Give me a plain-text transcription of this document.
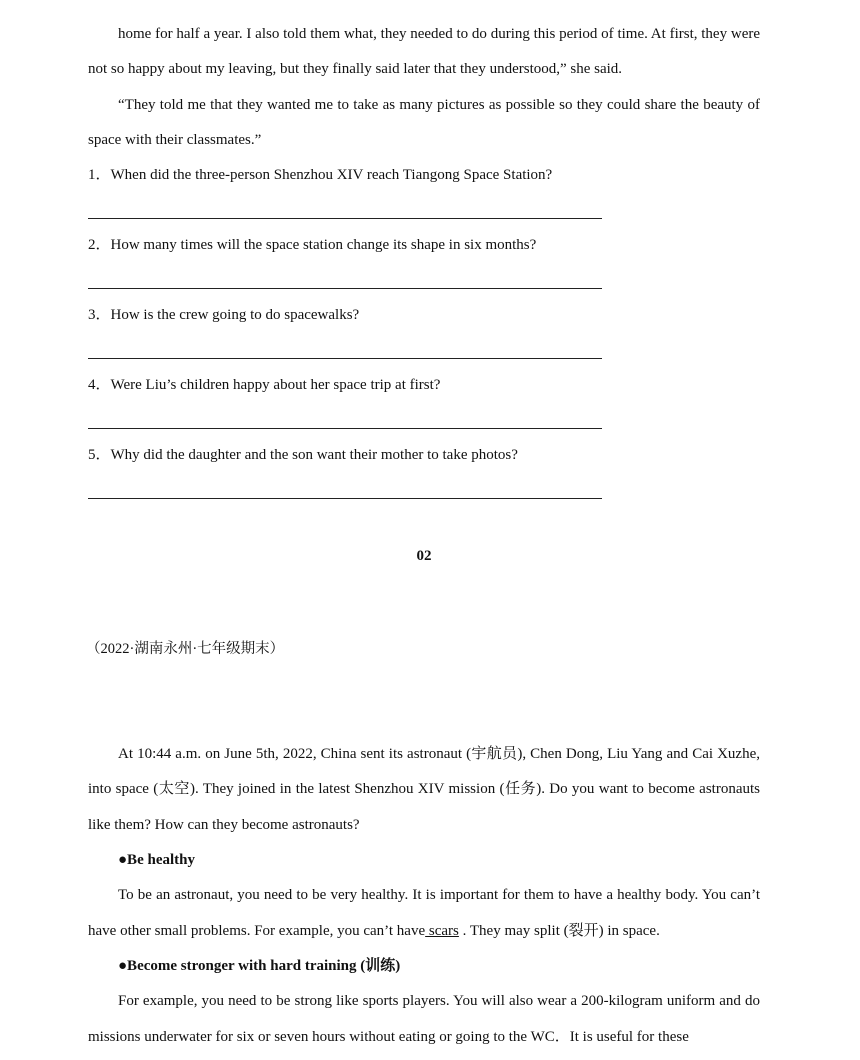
home for half a year. I also told them what, they needed to do during this period of time. At first, they were not so happy about my leaving, but they finally said later that they understood,” she said.

“They told me that they wanted me to take as many pictures as possible so they could share the beauty of space with their classmates.”

1．When did the three-person Shenzhou XIV reach Tiangong Space Station?

2．How many times will the space station change its shape in six months?

3．How is the crew going to do spacewalks?

4．Were Liu’s children happy about her space trip at first?

5．Why did the daughter and the son want their mother to take photos?

02

（2022·湖南永州·七年级期末）

At 10:44 a.m. on June 5th, 2022, China sent its astronaut (宇航员), Chen Dong, Liu Yang and Cai Xuzhe, into space (太空). They joined in the latest Shenzhou XIV mission (任务). Do you want to become astronauts like them? How can they become astronauts?

●Be healthy

To be an astronaut, you need to be very healthy. It is important for them to have a healthy body. You can’t have other small problems. For example, you can’t have scars . They may split (裂开) in space.

●Become stronger with hard training (训练)

For example, you need to be strong like sports players. You will also wear a 200-kilogram uniform and do missions underwater for six or seven hours without eating or going to the WC．It is useful for these
